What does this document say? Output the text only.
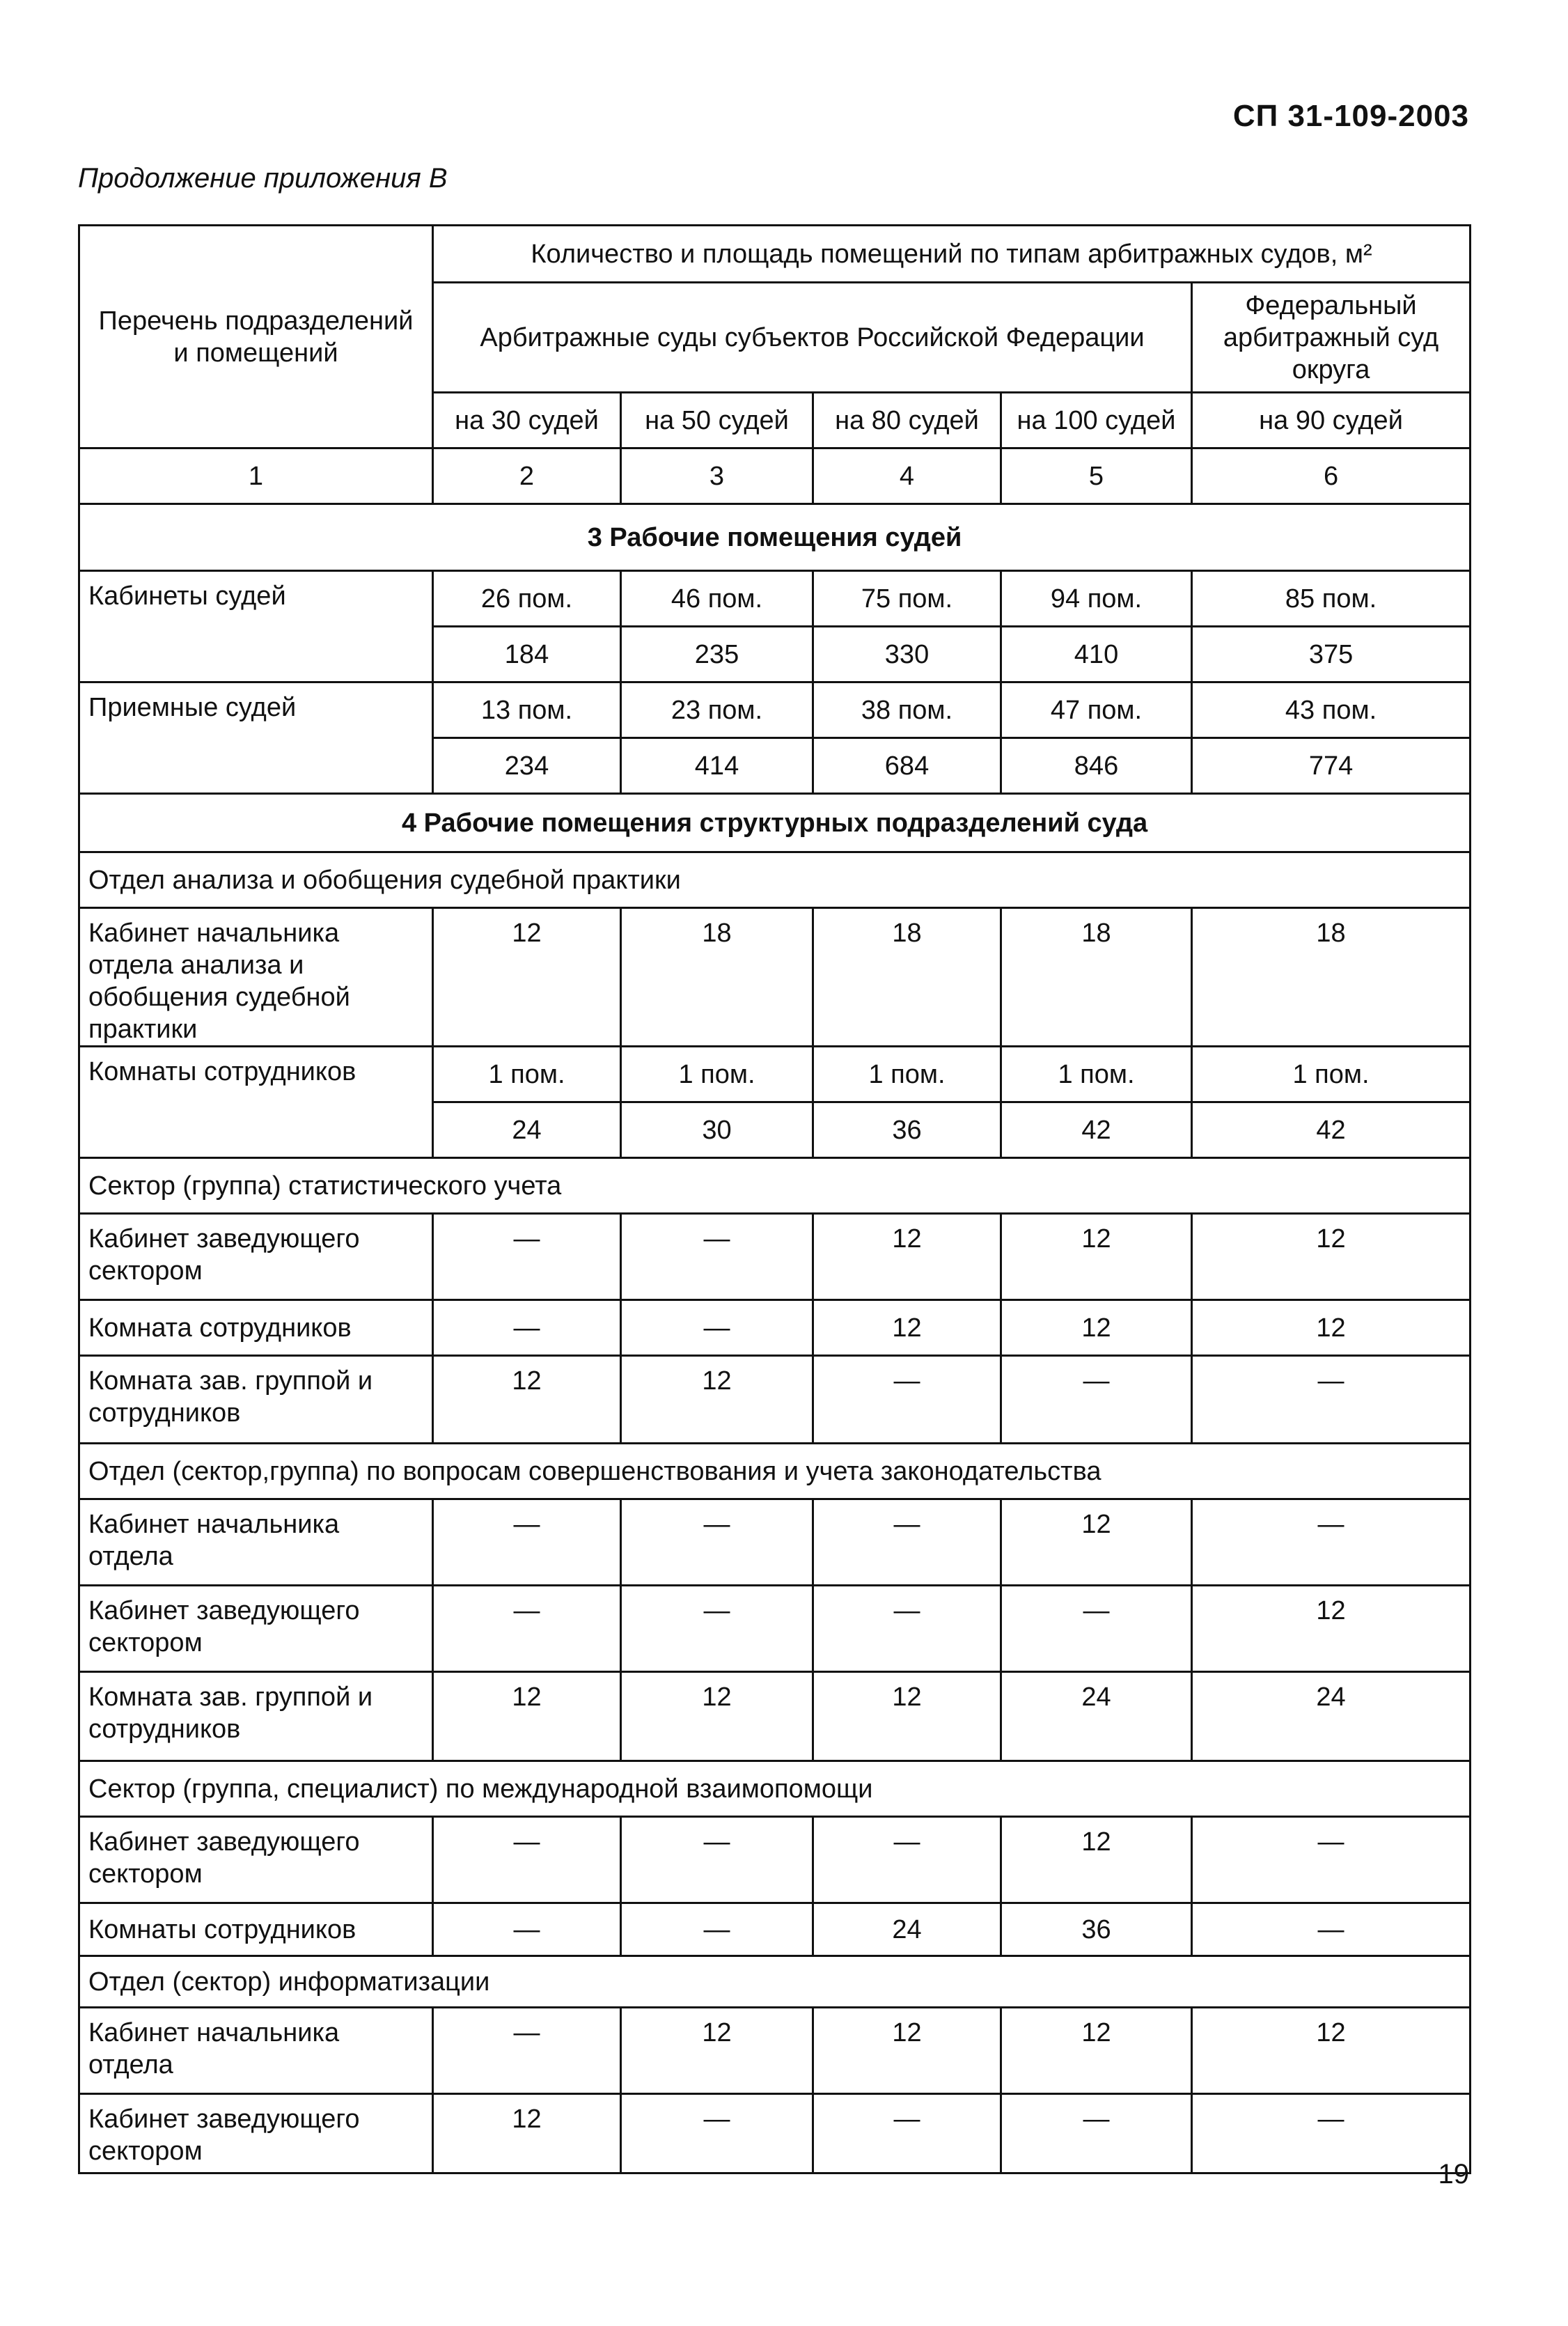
СП 31-109-2003
Продолжение приложения В
Перечень подразделений и помещений	Количество и площадь помещений по типам арбитражных судов, м²				
	Арбитражные суды субъектов Российской Федерации				Федеральный арбитражный суд округа
	на 30 судей	на 50 судей	на 80 судей	на 100 судей	на 90 судей
1	2	3	4	5	6
3 Рабочие помещения судей					
Кабинеты судей	26 пом.	46 пом.	75 пом.	94 пом.	85 пом.
	184	235	330	410	375
Приемные судей	13 пом.	23 пом.	38 пом.	47 пом.	43 пом.
	234	414	684	846	774
4 Рабочие помещения структурных подразделений суда					
Отдел анализа и обобщения судебной практики					
Кабинет начальника отдела анализа и обобщения судебной практики	12	18	18	18	18
Комнаты сотрудников	1 пом.	1 пом.	1 пом.	1 пом.	1 пом.
	24	30	36	42	42
Сектор (группа) статистического учета					
Кабинет заведующего сектором	—	—	12	12	12
Комната сотрудников	—	—	12	12	12
Комната зав. группой и сотрудников	12	12	—	—	—
Отдел (сектор,группа) по вопросам совершенствования и учета законодательства					
Кабинет начальника отдела	—	—	—	12	—
Кабинет заведующего сектором	—	—	—	—	12
Комната зав. группой и сотрудников	12	12	12	24	24
Сектор (группа, специалист) по международной взаимопомощи					
Кабинет заведующего сектором	—	—	—	12	—
Комнаты сотрудников	—	—	24	36	—
Отдел (сектор) информатизации					
Кабинет начальника отдела	—	12	12	12	12
Кабинет заведующего сектором	12	—	—	—	—
19
